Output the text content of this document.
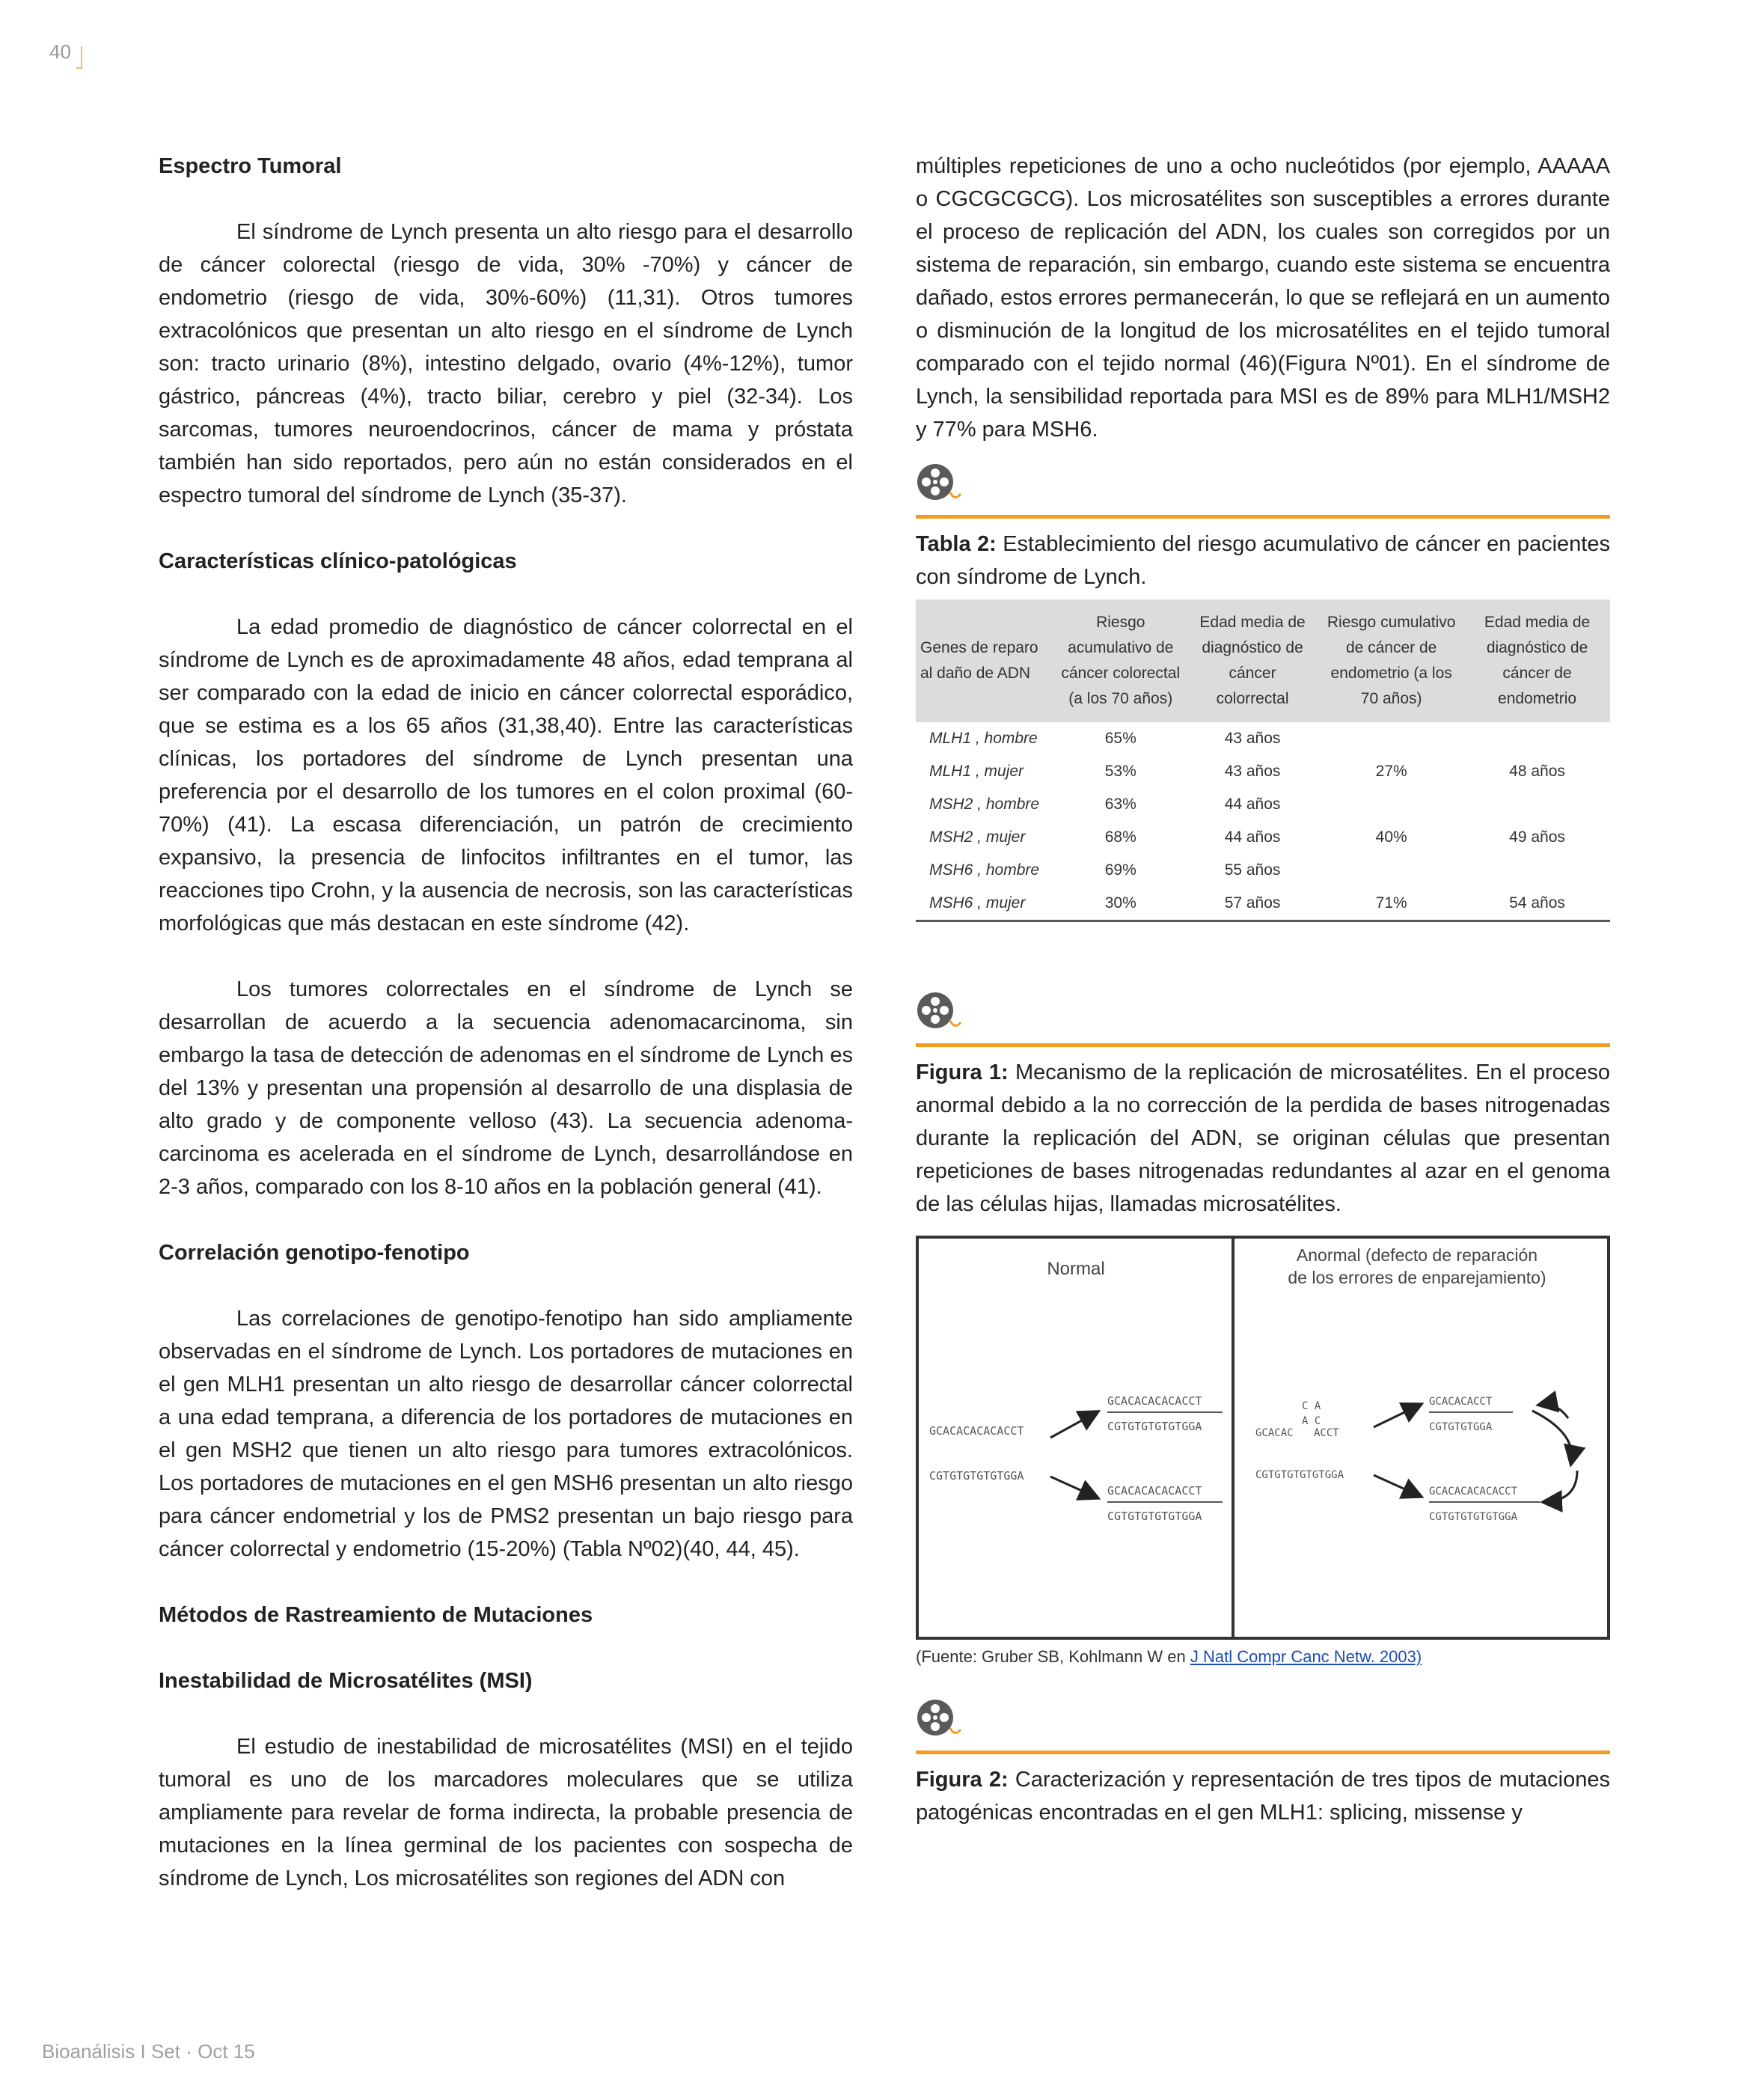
40

Espectro Tumoral

El síndrome de Lynch presenta un alto riesgo para el desarrollo de cáncer colorectal (riesgo de vida, 30% -70%) y cáncer de endometrio (riesgo de vida, 30%-60%) (11,31). Otros tumores extracolónicos que presentan un alto riesgo en el síndrome de Lynch son: tracto urinario (8%), intestino delgado, ovario (4%-12%), tumor gástrico, páncreas (4%), tracto biliar, cerebro y piel (32-34). Los sarcomas, tumores neuroendocrinos, cáncer de mama y próstata también han sido reportados, pero aún no están considerados en el espectro tumoral del síndrome de Lynch (35-37).

Características clínico-patológicas

La edad promedio de diagnóstico de cáncer colorrectal en el síndrome de Lynch es de aproximadamente 48 años, edad temprana al ser comparado con la edad de inicio en cáncer colorrectal esporádico, que se estima es a los 65 años (31,38,40). Entre las características clínicas, los portadores del síndrome de Lynch presentan una preferencia por el desarrollo de los tumores en el colon proximal (60-70%) (41). La escasa diferenciación, un patrón de crecimiento expansivo, la presencia de linfocitos infiltrantes en el tumor, las reacciones tipo Crohn, y la ausencia de necrosis, son las características morfológicas que más destacan en este síndrome (42).

Los tumores colorrectales en el síndrome de Lynch se desarrollan de acuerdo a la secuencia adenomacarcinoma, sin embargo la tasa de detección de adenomas en el síndrome de Lynch es del 13% y presentan una propensión al desarrollo de una displasia de alto grado y de componente velloso (43). La secuencia adenoma-carcinoma es acelerada en el síndrome de Lynch, desarrollándose en 2-3 años, comparado con los 8-10 años en la población general (41).

Correlación genotipo-fenotipo

Las correlaciones de genotipo-fenotipo han sido ampliamente observadas en el síndrome de Lynch. Los portadores de mutaciones en el gen MLH1 presentan un alto riesgo de desarrollar cáncer colorrectal a una edad temprana, a diferencia de los portadores de mutaciones en el gen MSH2 que tienen un alto riesgo para tumores extracolónicos. Los portadores de mutaciones en el gen MSH6 presentan un alto riesgo para cáncer endometrial y los de PMS2 presentan un bajo riesgo para cáncer colorrectal y endometrio (15-20%) (Tabla Nº02)(40, 44, 45).

Métodos de Rastreamiento de Mutaciones

Inestabilidad de Microsatélites (MSI)

El estudio de inestabilidad de microsatélites (MSI) en el tejido tumoral es uno de los marcadores moleculares que se utiliza ampliamente para revelar de forma indirecta, la probable presencia de mutaciones en la línea germinal de los pacientes con sospecha de síndrome de Lynch, Los microsatélites son regiones del ADN con

múltiples repeticiones de uno a ocho nucleótidos (por ejemplo, AAAAA o CGCGCGCG). Los microsatélites son susceptibles a errores durante el proceso de replicación del ADN, los cuales son corregidos por un sistema de reparación, sin embargo, cuando este sistema se encuentra dañado, estos errores permanecerán, lo que se reflejará en un aumento o disminución de la longitud de los microsatélites en el tejido tumoral comparado con el tejido normal (46)(Figura Nº01). En el síndrome de Lynch, la sensibilidad reportada para MSI es de 89% para MLH1/MSH2 y 77% para MSH6.

Tabla 2: Establecimiento del riesgo acumulativo de cáncer en pacientes con síndrome de Lynch.

Genes de reparo al daño de ADN	Riesgo acumulativo de cáncer colorectal (a los 70 años)	Edad media de diagnóstico de cáncer colorrectal	Riesgo cumulativo de cáncer de endometrio (a los 70 años)	Edad media de diagnóstico de cáncer de endometrio
MLH1 , hombre	65%	43 años		
MLH1 , mujer	53%	43 años	27%	48 años
MSH2 , hombre	63%	44 años		
MSH2 , mujer	68%	44 años	40%	49 años
MSH6 , hombre	69%	55 años		
MSH6 , mujer	30%	57 años	71%	54 años

Figura 1: Mecanismo de la replicación de microsatélites. En el proceso anormal debido a la no corrección de la perdida de bases nitrogenadas durante la replicación del ADN, se originan células que presentan repeticiones de bases nitrogenadas redundantes al azar en el genoma de las células hijas, llamadas microsatélites.

Normal
Anormal (defecto de reparación
de los errores de enparejamiento)
GCACACACACACCT
CGTGTGTGTGTGGA
GCACACACACACCT
CGTGTGTGTGTGGA
GCACACACACACCT
CGTGTGTGTGTGGA
C A
A C
GCACAC ACCT
CGTGTGTGTGTGGA
GCACACACCT
CGTGTGTGGA
GCACACACACACCT
CGTGTGTGTGTGGA
(Fuente: Gruber SB, Kohlmann W en J Natl Compr Canc Netw. 2003)

Figura 2: Caracterización y representación de tres tipos de mutaciones patogénicas encontradas en el gen MLH1: splicing, missense y

Bioanálisis I Set · Oct 15
